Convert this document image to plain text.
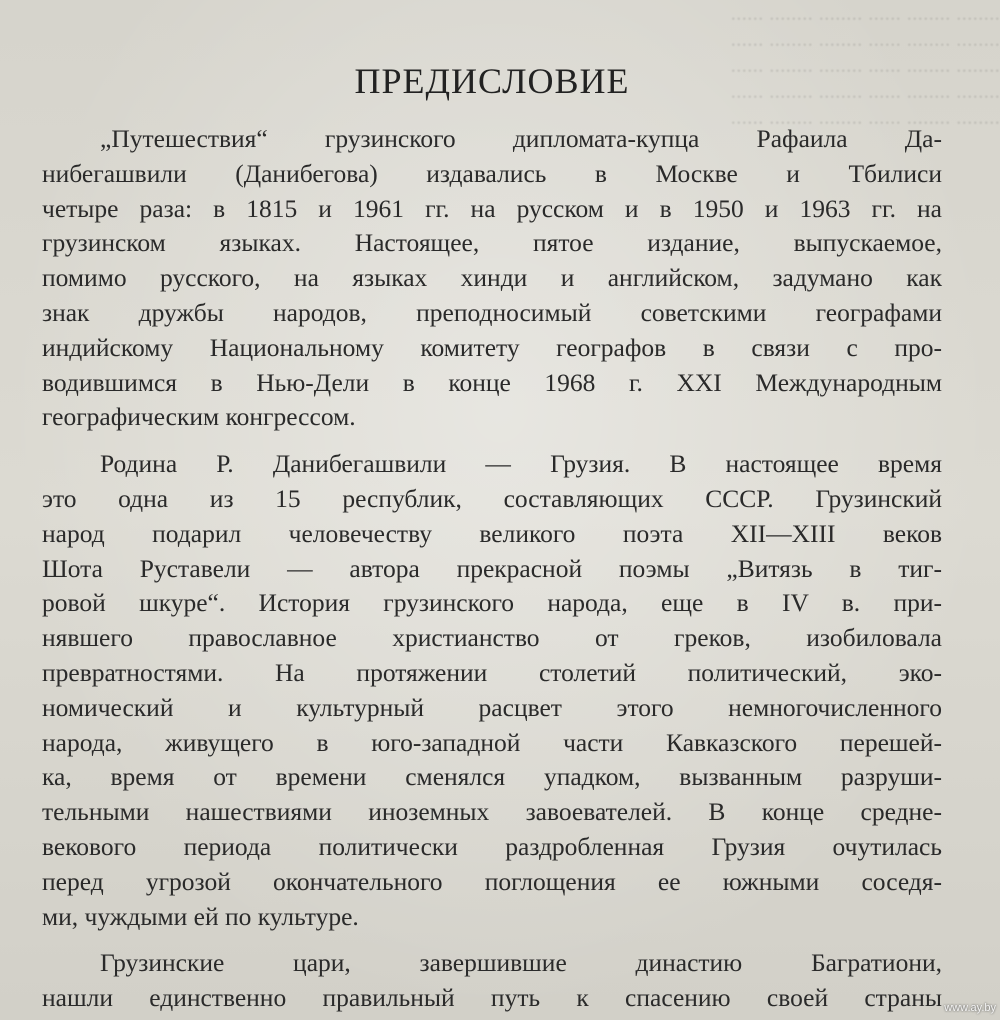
........ ........ ...... ........ ........ ......
........ ........ ...... ........ ........ ......
........ ........ ...... ........ ........ ......
........ ........ ...... ........ ........ ......
........ ........ ...... ........ ........ ......
ПРЕДИСЛОВИЕ
„Путешествия“ грузинского дипломата-купца Рафаила Да-
нибегашвили (Данибегова) издавались в Москве и Тбилиси
четыре раза: в 1815 и 1961 гг. на русском и в 1950 и 1963 гг. на
грузинском языках. Настоящее, пятое издание, выпускаемое,
помимо русского, на языках хинди и английском, задумано как
знак дружбы народов, преподносимый советскими географами
индийскому Национальному комитету географов в связи с про-
водившимся в Нью-Дели в конце 1968 г. XXI Международным
географическим конгрессом.
Родина Р. Данибегашвили — Грузия. В настоящее время
это одна из 15 республик, составляющих СССР. Грузинский
народ подарил человечеству великого поэта XII—XIII веков
Шота Руставели — автора прекрасной поэмы „Витязь в тиг-
ровой шкуре“. История грузинского народа, еще в IV в. при-
нявшего православное христианство от греков, изобиловала
превратностями. На протяжении столетий политический, эко-
номический и культурный расцвет этого немногочисленного
народа, живущего в юго-западной части Кавказского перешей-
ка, время от времени сменялся упадком, вызванным разруши-
тельными нашествиями иноземных завоевателей. В конце средне-
векового периода политически раздробленная Грузия очутилась
перед угрозой окончательного поглощения ее южными соседя-
ми, чуждыми ей по культуре.
Грузинские цари, завершившие династию Багратиони,
нашли единственно правильный путь к спасению своей страны www.ay.by
